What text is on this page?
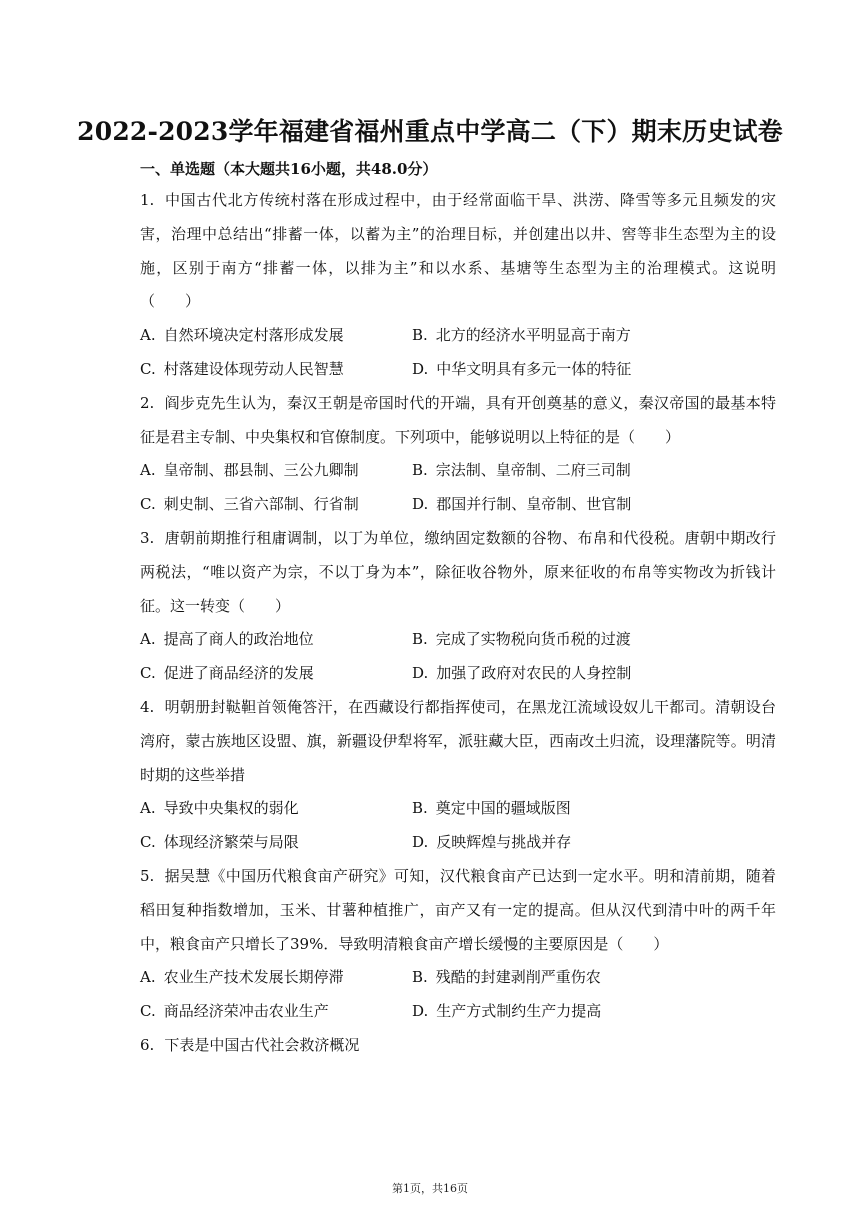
2022-2023学年福建省福州重点中学高二（下）期末历史试卷
一、单选题（本大题共16小题，共48.0分）

1. 中国古代北方传统村落在形成过程中，由于经常面临干旱、洪涝、降雪等多元且频发的灾害，治理中总结出“排蓄一体，以蓄为主”的治理目标，并创建出以井、窖等非生态型为主的设施，区别于南方“排蓄一体，以排为主”和以水系、基塘等生态型为主的治理模式。这说明（　　）

A. 自然环境决定村落形成发展	B. 北方的经济水平明显高于南方
C. 村落建设体现劳动人民智慧	D. 中华文明具有多元一体的特征

2. 阎步克先生认为，秦汉王朝是帝国时代的开端，具有开创奠基的意义，秦汉帝国的最基本特征是君主专制、中央集权和官僚制度。下列项中，能够说明以上特征的是（　　）

A. 皇帝制、郡县制、三公九卿制	B. 宗法制、皇帝制、二府三司制
C. 刺史制、三省六部制、行省制	D. 郡国并行制、皇帝制、世官制

3. 唐朝前期推行租庸调制，以丁为单位，缴纳固定数额的谷物、布帛和代役税。唐朝中期改行两税法，“唯以资产为宗，不以丁身为本”，除征收谷物外，原来征收的布帛等实物改为折钱计征。这一转变（　　）

A. 提高了商人的政治地位	B. 完成了实物税向货币税的过渡
C. 促进了商品经济的发展	D. 加强了政府对农民的人身控制

4. 明朝册封鞑靼首领俺答汗，在西藏设行都指挥使司，在黑龙江流域设奴儿干都司。清朝设台湾府，蒙古族地区设盟、旗，新疆设伊犁将军，派驻藏大臣，西南改土归流，设理藩院等。明清时期的这些举措

A. 导致中央集权的弱化	B. 奠定中国的疆域版图
C. 体现经济繁荣与局限	D. 反映辉煌与挑战并存

5. 据吴慧《中国历代粮食亩产研究》可知，汉代粮食亩产已达到一定水平。明和清前期，随着稻田复种指数增加，玉米、甘薯种植推广，亩产又有一定的提高。但从汉代到清中叶的两千年中，粮食亩产只增长了39%．导致明清粮食亩产增长缓慢的主要原因是（　　）

A. 农业生产技术发展长期停滞	B. 残酷的封建剥削严重伤农
C. 商品经济荣冲击农业生产	D. 生产方式制约生产力提高

6. 下表是中国古代社会救济概况

第1页，共16页
